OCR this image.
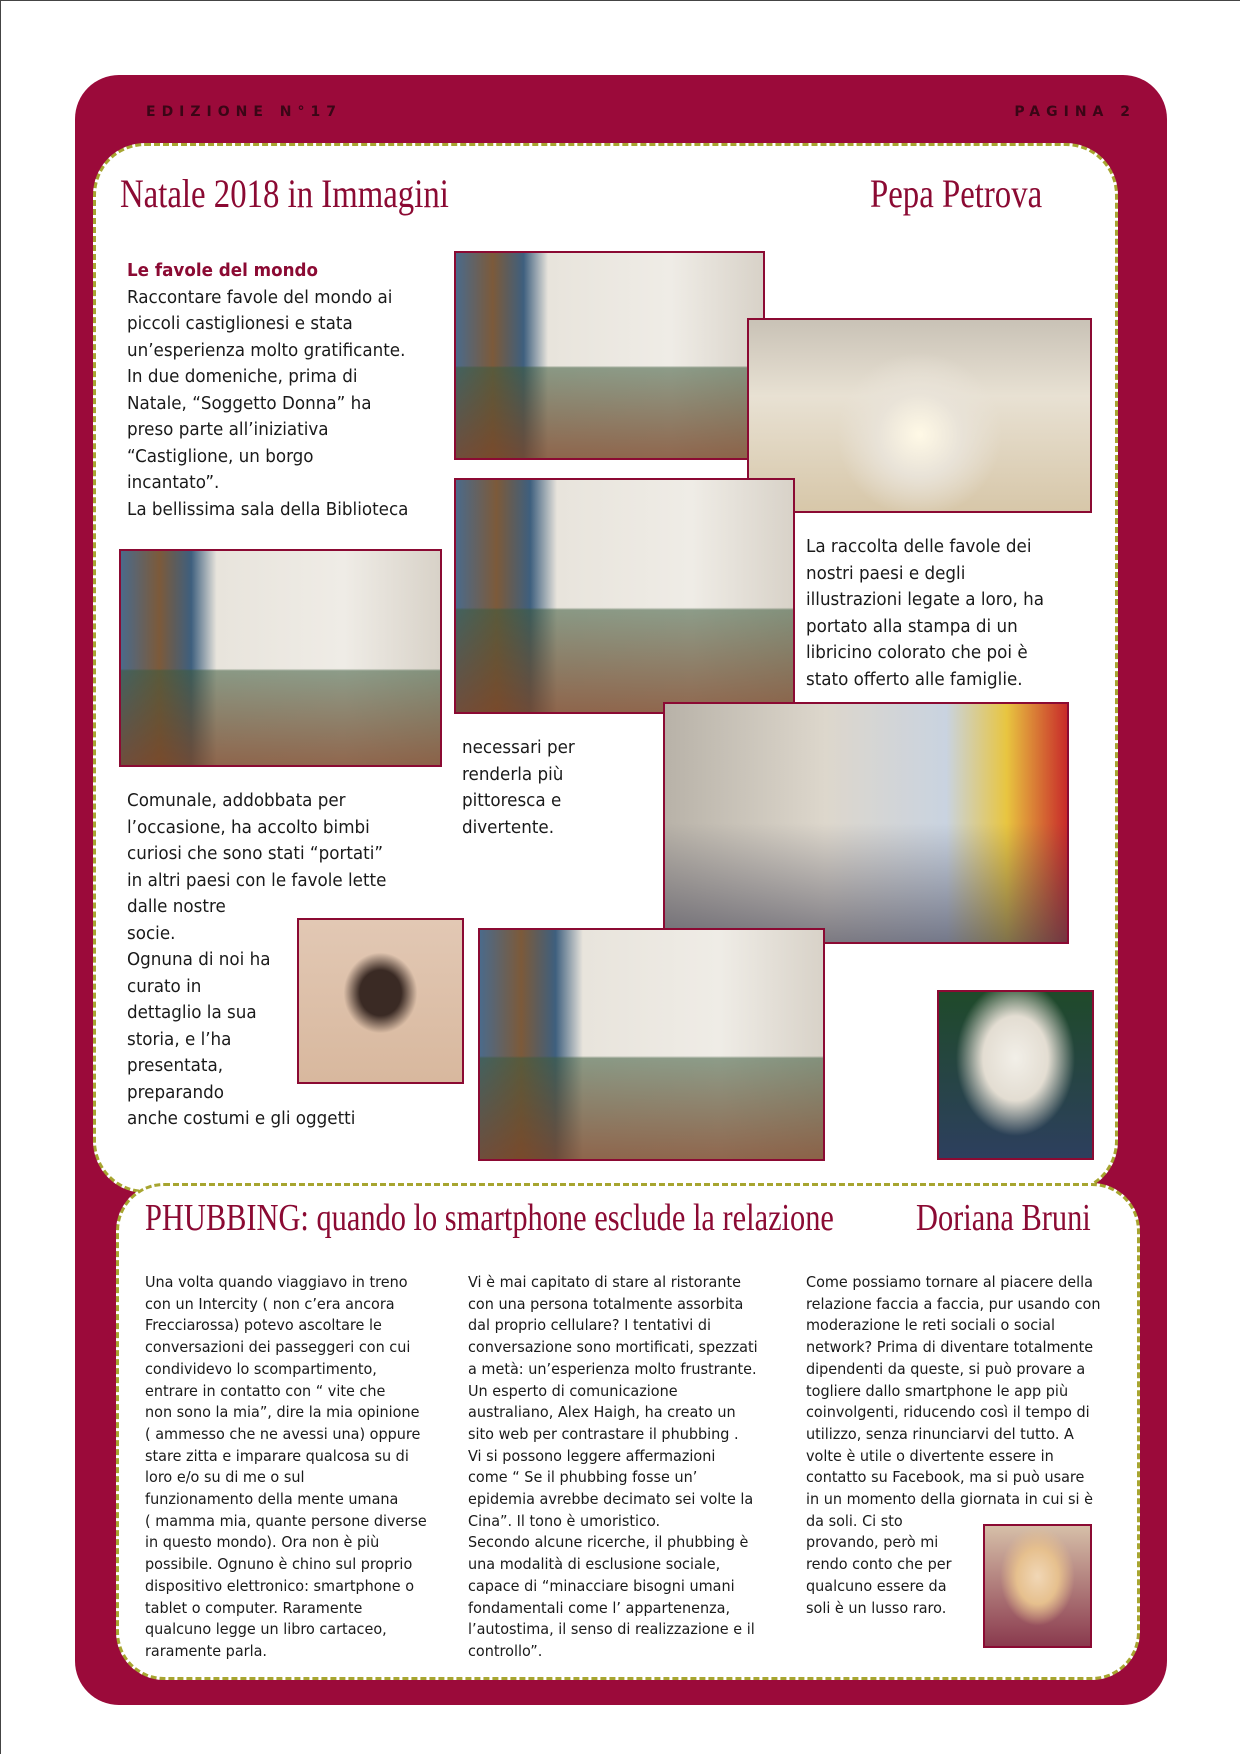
EDIZIONE N°17	PAGINA 2
Natale 2018 in Immagini	Pepa Petrova
Le favole del mondo
Raccontare favole del mondo ai
piccoli castiglionesi e stata
un’esperienza molto gratificante.
In due domeniche, prima di
Natale, “Soggetto Donna” ha
preso parte all’iniziativa
“Castiglione, un borgo
incantato”.
La bellissima sala della Biblioteca
Comunale, addobbata per
l’occasione, ha accolto bimbi
curiosi che sono stati “portati”
in altri paesi con le favole lette
dalle nostre
socie.
Ognuna di noi ha
curato in
dettaglio la sua
storia, e l’ha
presentata,
preparando
anche costumi e gli oggetti
necessari per
renderla più
pittoresca e
divertente.
La raccolta delle favole dei
nostri paesi e degli
illustrazioni legate a loro, ha
portato alla stampa di un
libricino colorato che poi è
stato offerto alle famiglie.
PHUBBING: quando lo smartphone esclude la relazione Doriana Bruni
Una volta quando viaggiavo in treno
con un Intercity ( non c’era ancora
Frecciarossa) potevo ascoltare le
conversazioni dei passeggeri con cui
condividevo lo scompartimento,
entrare in contatto con “ vite che
non sono la mia”, dire la mia opinione
( ammesso che ne avessi una) oppure
stare zitta e imparare qualcosa su di
loro e/o su di me o sul
funzionamento della mente umana
( mamma mia, quante persone diverse
in questo mondo). Ora non è più
possibile. Ognuno è chino sul proprio
dispositivo elettronico: smartphone o
tablet o computer. Raramente
qualcuno legge un libro cartaceo,
raramente parla.
Vi è mai capitato di stare al ristorante
con una persona totalmente assorbita
dal proprio cellulare? I tentativi di
conversazione sono mortificati, spezzati
a metà: un’esperienza molto frustrante.
Un esperto di comunicazione
australiano, Alex Haigh, ha creato un
sito web per contrastare il phubbing .
Vi si possono leggere affermazioni
come “ Se il phubbing fosse un’
epidemia avrebbe decimato sei volte la
Cina”. Il tono è umoristico.
Secondo alcune ricerche, il phubbing è
una modalità di esclusione sociale,
capace di “minacciare bisogni umani
fondamentali come l’ appartenenza,
l’autostima, il senso di realizzazione e il
controllo”.
Come possiamo tornare al piacere della
relazione faccia a faccia, pur usando con
moderazione le reti sociali o social
network? Prima di diventare totalmente
dipendenti da queste, si può provare a
togliere dallo smartphone le app più
coinvolgenti, riducendo così il tempo di
utilizzo, senza rinunciarvi del tutto. A
volte è utile o divertente essere in
contatto su Facebook, ma si può usare
in un momento della giornata in cui si è
da soli. Ci sto
provando, però mi
rendo conto che per
qualcuno essere da
soli è un lusso raro.
